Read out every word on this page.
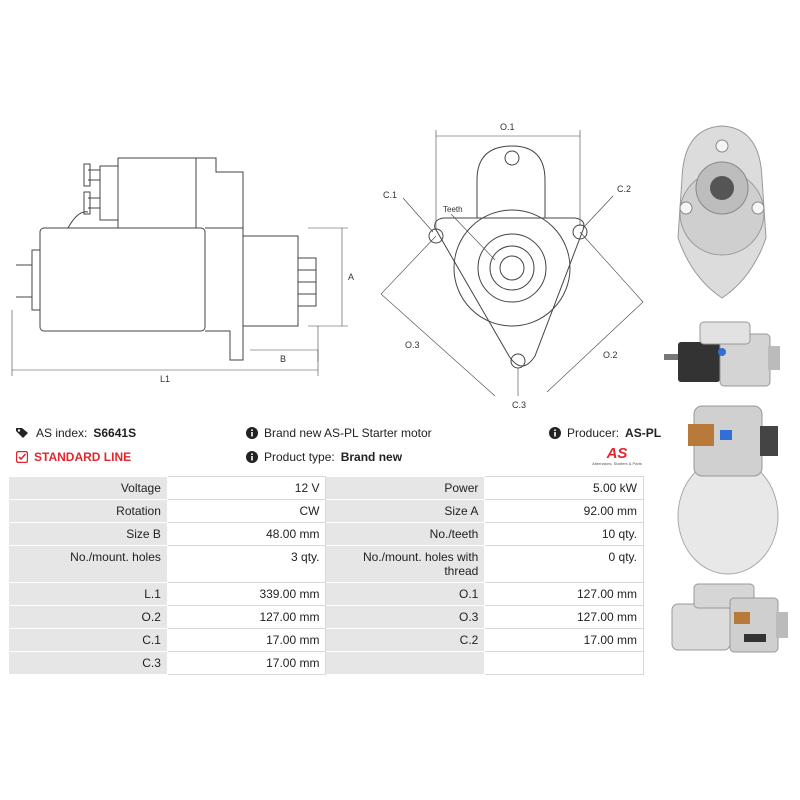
A
B
L1
O.1
C.1
C.2
Teeth
O.3
O.2
C.3
AS index: S6641S
STANDARD LINE
Brand new AS-PL Starter motor
Product type: Brand new
Producer: AS-PL
AS
Alternators, Starters & Parts
Voltage	12 V	Power	5.00 kW
Rotation	CW	Size A	92.00 mm
Size B	48.00 mm	No./teeth	10 qty.
No./mount. holes	3 qty.	No./mount. holes with thread	0 qty.
L.1	339.00 mm	O.1	127.00 mm
O.2	127.00 mm	O.3	127.00 mm
C.1	17.00 mm	C.2	17.00 mm
C.3	17.00 mm		
